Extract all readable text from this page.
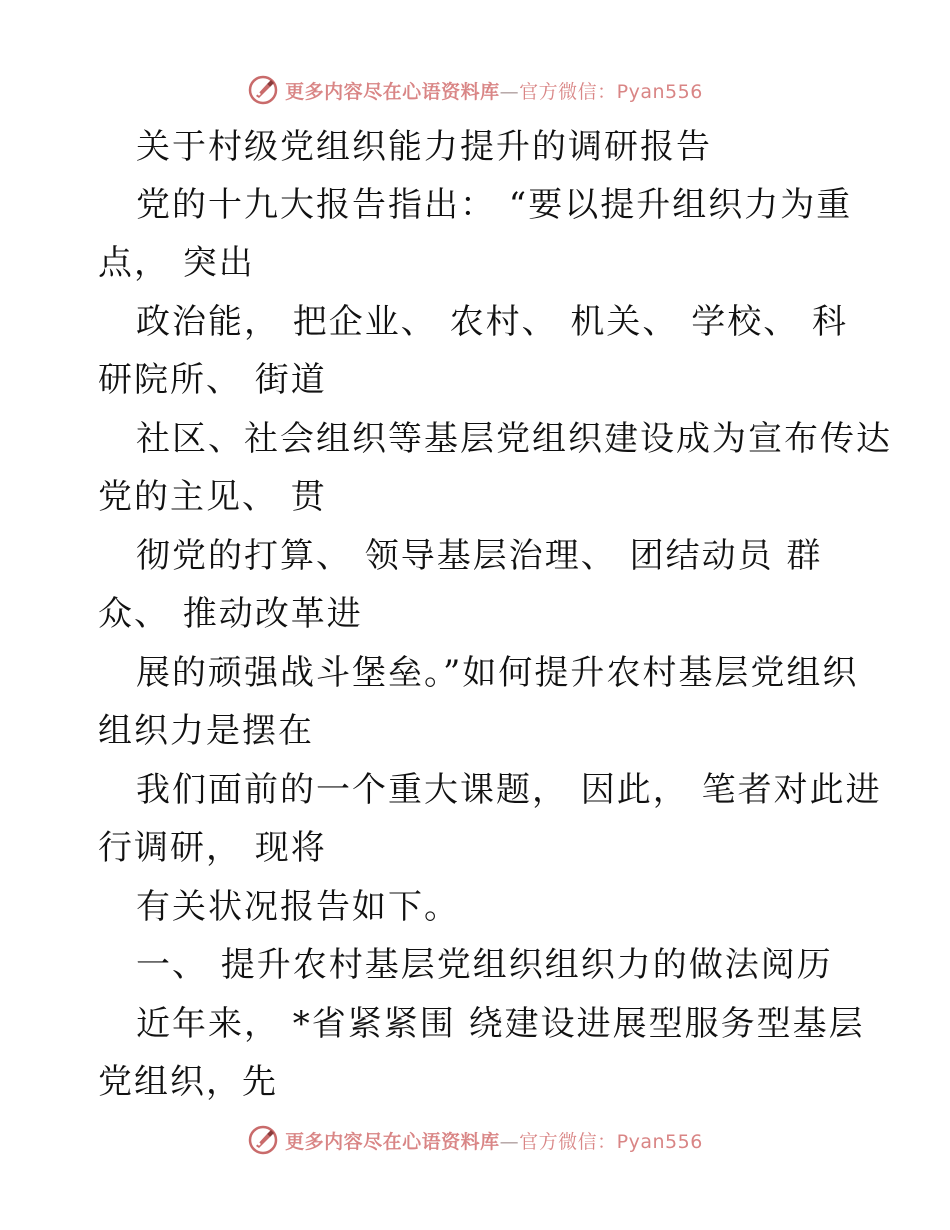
更多内容尽在心语资料库—官方微信：Pyan556
关于村级党组织能力提升的调研报告
党的十九大报告指出： “要以提升组织力为重
点， 突出
政治能， 把企业、 农村、 机关、 学校、 科
研院所、 街道
社区、社会组织等基层党组织建设成为宣布传达
党的主见、 贯
彻党的打算、 领导基层治理、 团结动员 群
众、 推动改革进
展的顽强战斗堡垒。”如何提升农村基层党组织
组织力是摆在
我们面前的一个重大课题， 因此， 笔者对此进
行调研， 现将
有关状况报告如下。
一、 提升农村基层党组织组织力的做法阅历
近年来， *省紧紧围 绕建设进展型服务型基层
党组织，先
更多内容尽在心语资料库—官方微信：Pyan556
